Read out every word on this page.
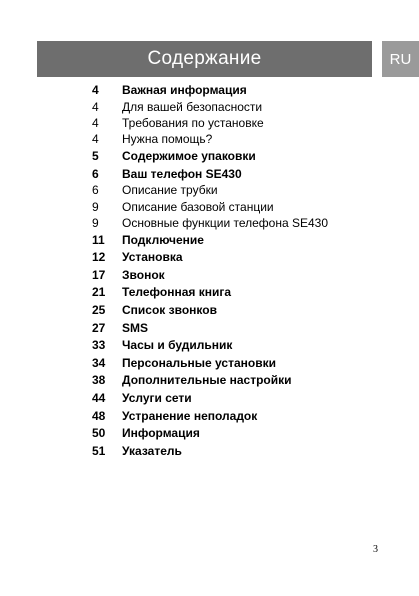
Содержание	RU
4	Важная информация
4	Для вашей безопасности
4	Требования по установке
4	Нужна помощь?
5	Содержимое упаковки
6	Ваш телефон SE430
6	Описание трубки
9	Описание базовой станции
9	Основные функции телефона SE430
11	Подключение
12	Установка
17	Звонок
21	Телефонная книга
25	Список звонков
27	SMS
33	Часы и будильник
34	Персональные установки
38	Дополнительные настройки
44	Услуги сети
48	Устранение неполадок
50	Информация
51	Указатель
3
